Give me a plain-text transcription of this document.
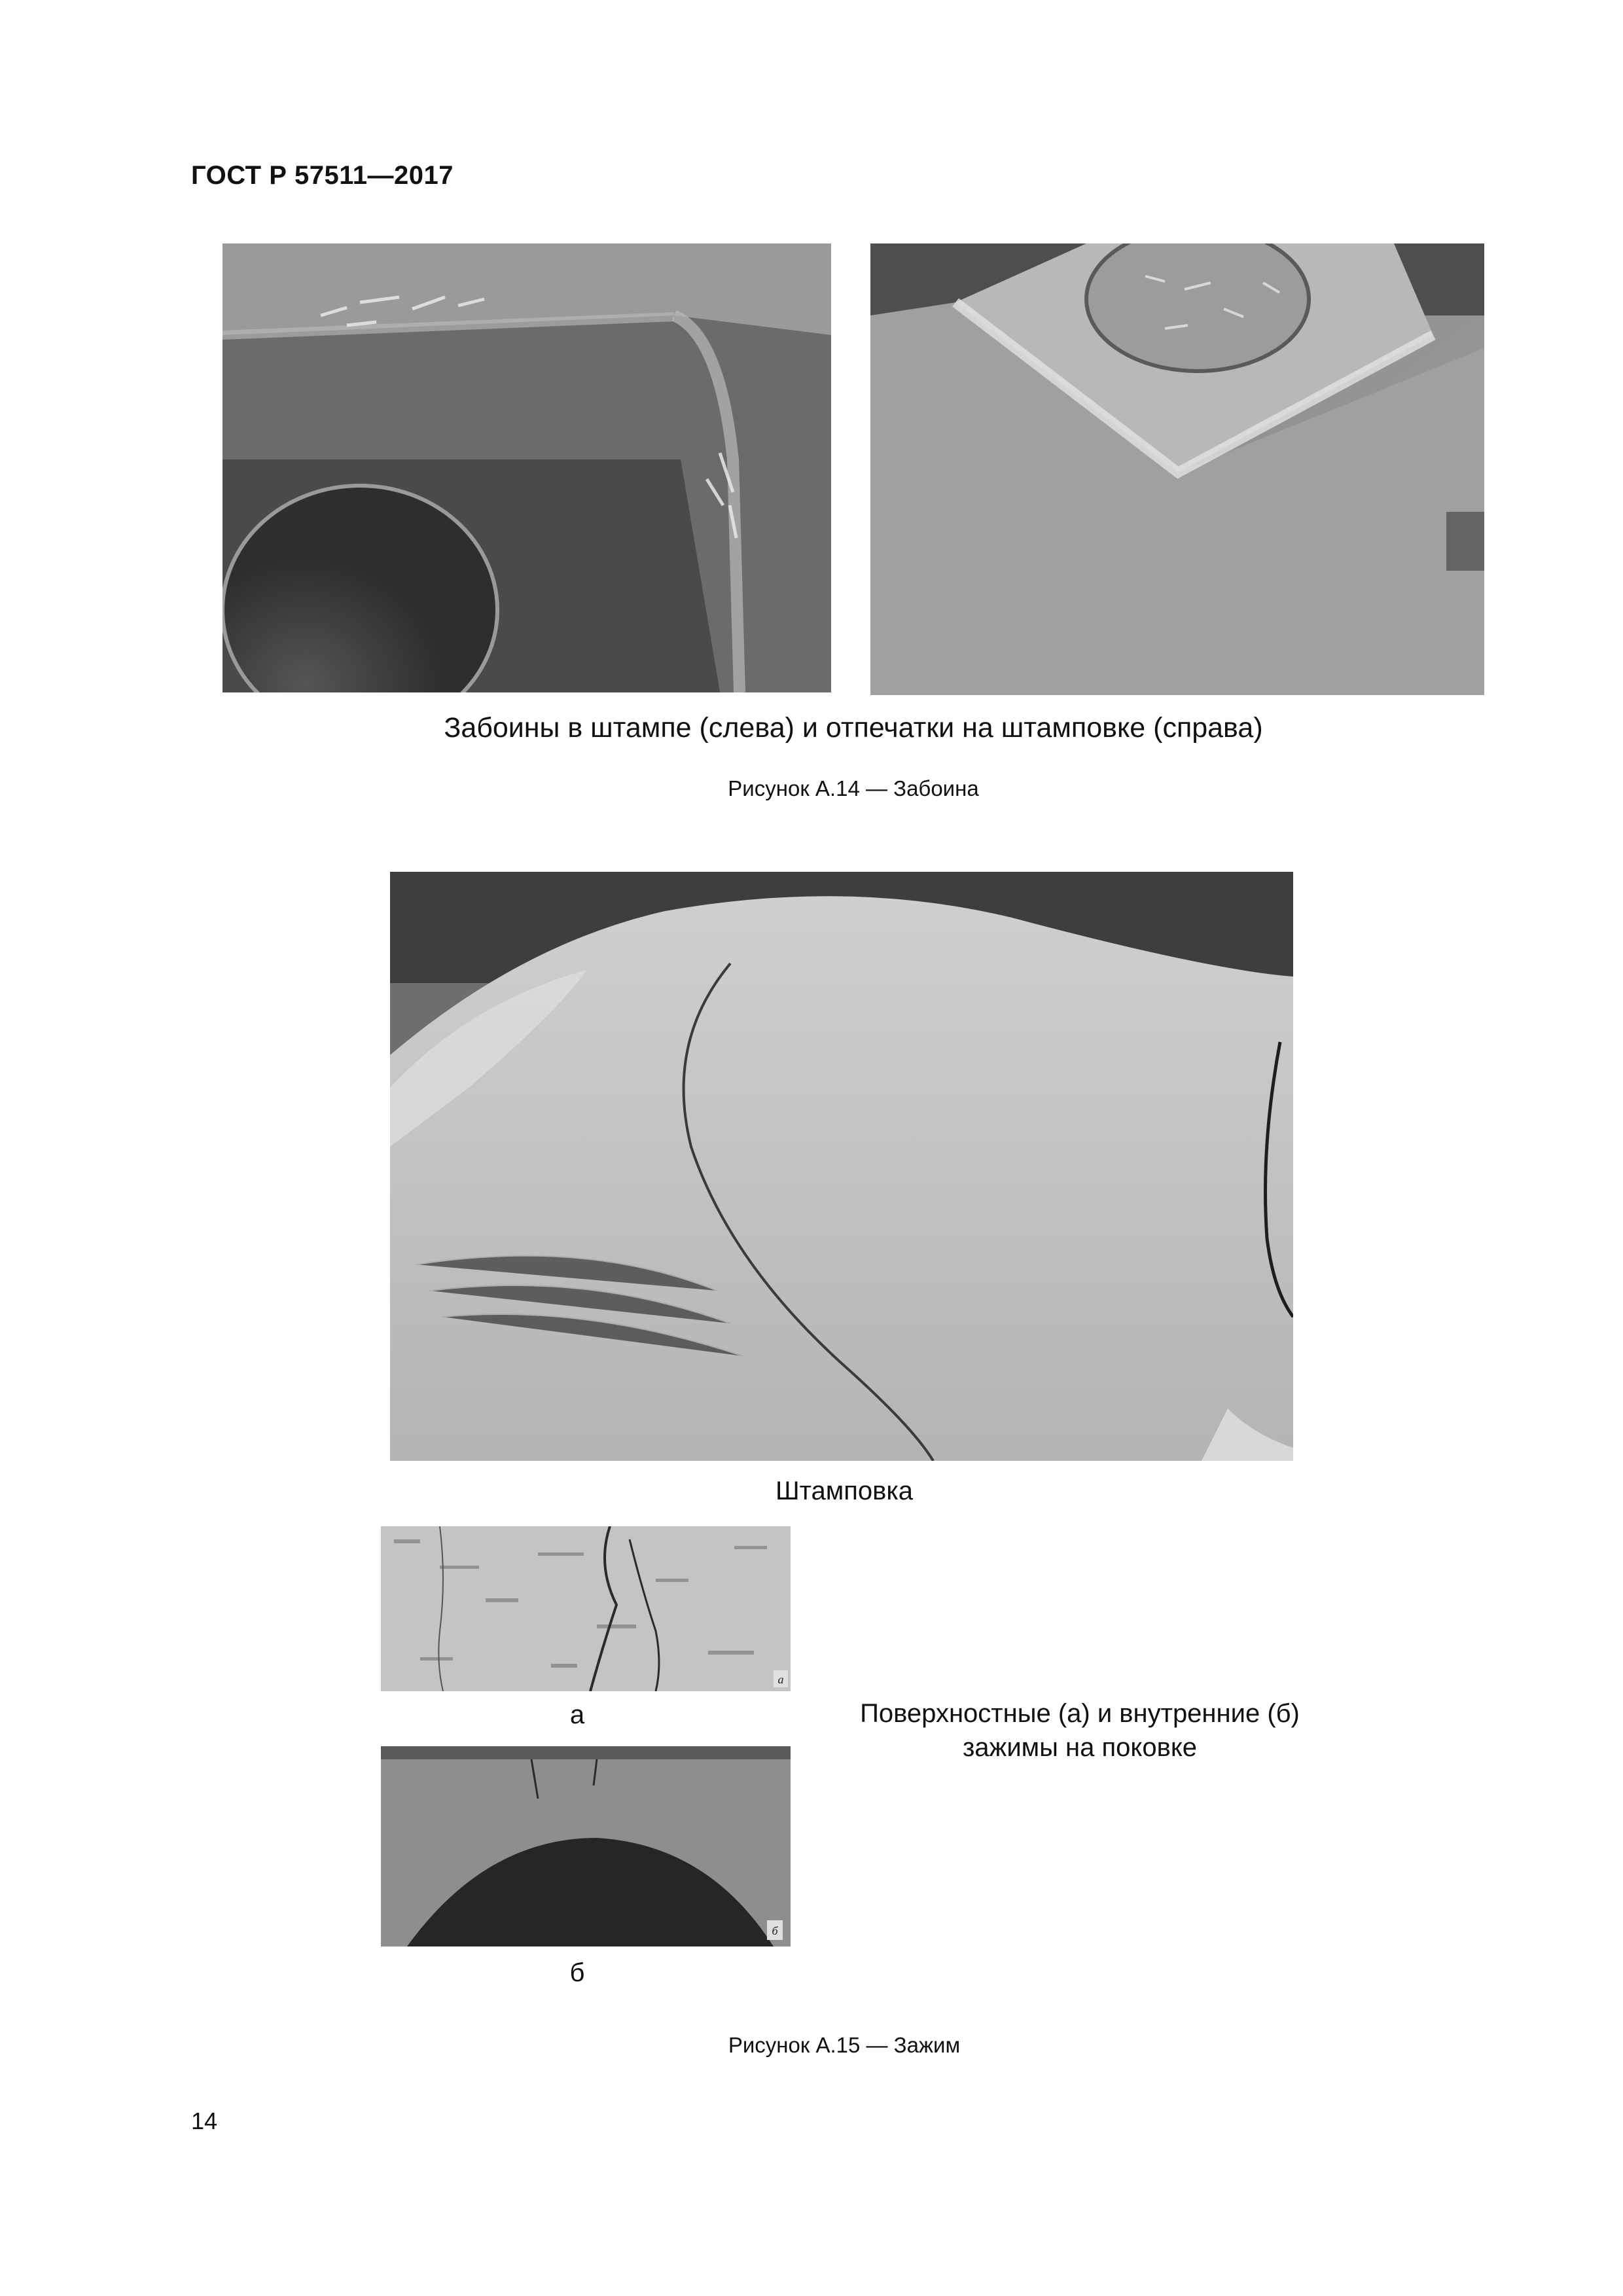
ГОСТ Р 57511—2017
Забоины в штампе (слева) и отпечатки на штамповке (справа)
Рисунок А.14 — Забоина
Штамповка
а
а
б
б
Поверхностные (а) и внутренние (б) зажимы на поковке
Рисунок А.15 — Зажим
14
